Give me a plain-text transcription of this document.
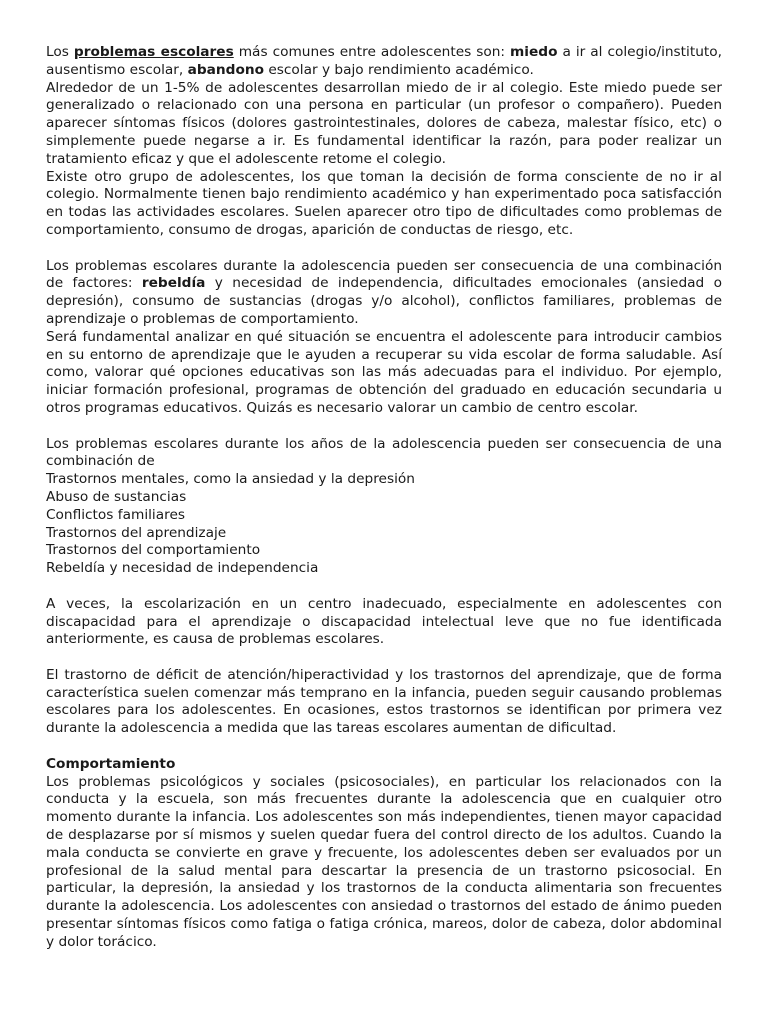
Los problemas escolares más comunes entre adolescentes son: miedo a ir al colegio/instituto, ausentismo escolar, abandono escolar y bajo rendimiento académico.

Alrededor de un 1-5% de adolescentes desarrollan miedo de ir al colegio. Este miedo puede ser generalizado o relacionado con una persona en particular (un profesor o compañero). Pueden aparecer síntomas físicos (dolores gastrointestinales, dolores de cabeza, malestar físico, etc) o simplemente puede negarse a ir. Es fundamental identificar la razón, para poder realizar un tratamiento eficaz y que el adolescente retome el colegio.

Existe otro grupo de adolescentes, los que toman la decisión de forma consciente de no ir al colegio. Normalmente tienen bajo rendimiento académico y han experimentado poca satisfacción en todas las actividades escolares. Suelen aparecer otro tipo de dificultades como problemas de comportamiento, consumo de drogas, aparición de conductas de riesgo, etc.

Los problemas escolares durante la adolescencia pueden ser consecuencia de una combinación de factores: rebeldía y necesidad de independencia, dificultades emocionales (ansiedad o depresión), consumo de sustancias (drogas y/o alcohol), conflictos familiares, problemas de aprendizaje o problemas de comportamiento.

Será fundamental analizar en qué situación se encuentra el adolescente para introducir cambios en su entorno de aprendizaje que le ayuden a recuperar su vida escolar de forma saludable. Así como, valorar qué opciones educativas son las más adecuadas para el individuo. Por ejemplo, iniciar formación profesional, programas de obtención del graduado en educación secundaria u otros programas educativos. Quizás es necesario valorar un cambio de centro escolar.

Los problemas escolares durante los años de la adolescencia pueden ser consecuencia de una combinación de

Trastornos mentales, como la ansiedad y la depresión

Abuso de sustancias

Conflictos familiares

Trastornos del aprendizaje

Trastornos del comportamiento

Rebeldía y necesidad de independencia

A veces, la escolarización en un centro inadecuado, especialmente en adolescentes con discapacidad para el aprendizaje o discapacidad intelectual leve que no fue identificada anteriormente, es causa de problemas escolares.

El trastorno de déficit de atención/hiperactividad y los trastornos del aprendizaje, que de forma característica suelen comenzar más temprano en la infancia, pueden seguir causando problemas escolares para los adolescentes. En ocasiones, estos trastornos se identifican por primera vez durante la adolescencia a medida que las tareas escolares aumentan de dificultad.

Comportamiento

Los problemas psicológicos y sociales (psicosociales), en particular los relacionados con la conducta y la escuela, son más frecuentes durante la adolescencia que en cualquier otro momento durante la infancia. Los adolescentes son más independientes, tienen mayor capacidad de desplazarse por sí mismos y suelen quedar fuera del control directo de los adultos. Cuando la mala conducta se convierte en grave y frecuente, los adolescentes deben ser evaluados por un profesional de la salud mental para descartar la presencia de un trastorno psicosocial. En particular, la depresión, la ansiedad y los trastornos de la conducta alimentaria son frecuentes durante la adolescencia. Los adolescentes con ansiedad o trastornos del estado de ánimo pueden presentar síntomas físicos como fatiga o fatiga crónica, mareos, dolor de cabeza, dolor abdominal y dolor torácico.
